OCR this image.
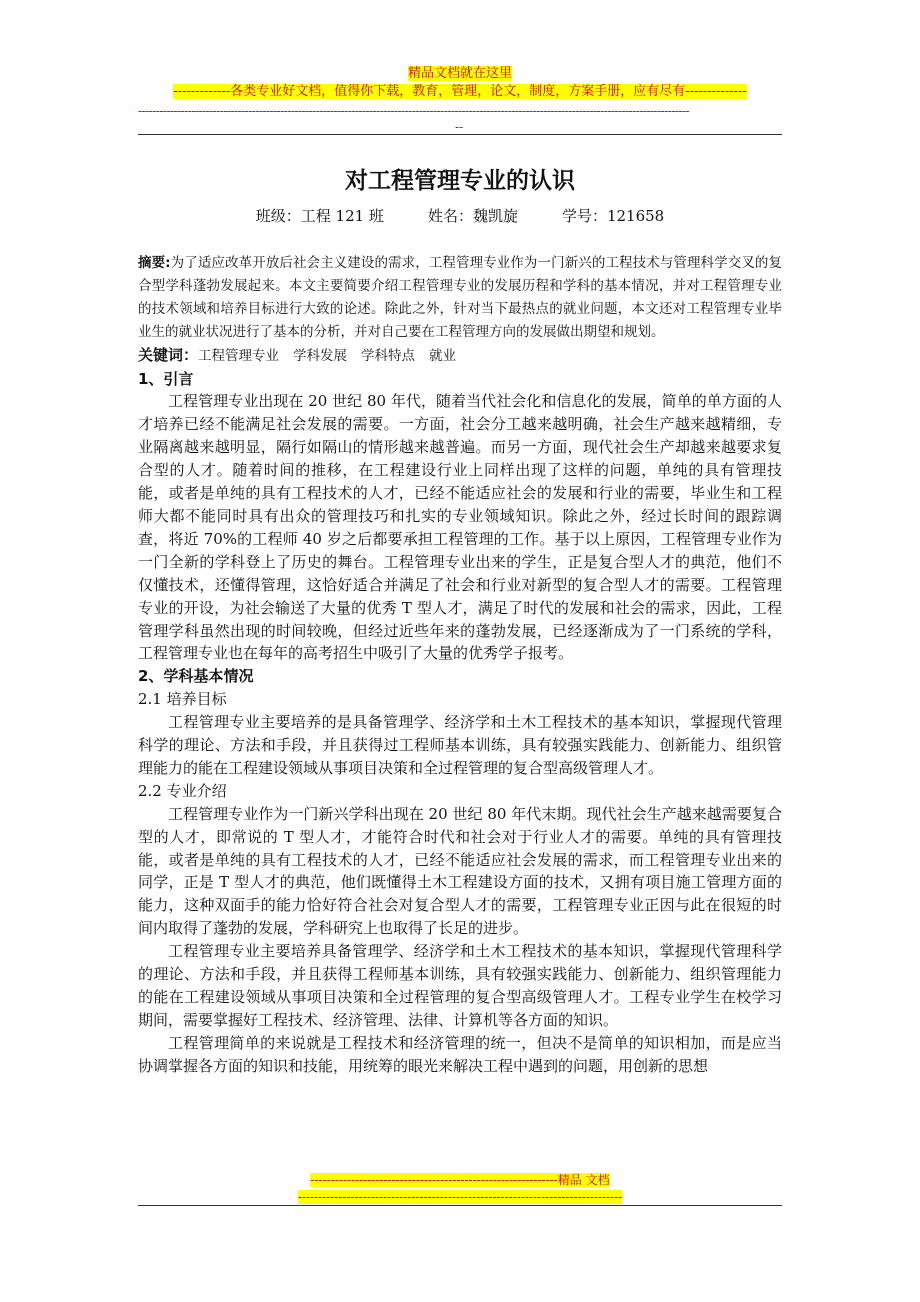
精品文档就在这里
-------------各类专业好文档，值得你下载，教育，管理，论文，制度，方案手册，应有尽有--------------
-----------------------------------------------------------------------------------------------------------------------------------------------------------
--
对工程管理专业的认识
班级：工程 121 班	姓名：魏凯旋	学号：121658

摘要:为了适应改革开放后社会主义建设的需求，工程管理专业作为一门新兴的工程技术与管理科学交叉的复合型学科蓬勃发展起来。本文主要简要介绍工程管理专业的发展历程和学科的基本情况，并对工程管理专业的技术领域和培养目标进行大致的论述。除此之外，针对当下最热点的就业问题，本文还对工程管理专业毕业生的就业状况进行了基本的分析，并对自己要在工程管理方向的发展做出期望和规划。

关键词：工程管理专业 学科发展 学科特点 就业

1、引言

工程管理专业出现在 20 世纪 80 年代，随着当代社会化和信息化的发展，简单的单方面的人才培养已经不能满足社会发展的需要。一方面，社会分工越来越明确，社会生产越来越精细，专业隔离越来越明显，隔行如隔山的情形越来越普遍。而另一方面，现代社会生产却越来越要求复合型的人才。随着时间的推移，在工程建设行业上同样出现了这样的问题，单纯的具有管理技能，或者是单纯的具有工程技术的人才，已经不能适应社会的发展和行业的需要，毕业生和工程师大都不能同时具有出众的管理技巧和扎实的专业领域知识。除此之外，经过长时间的跟踪调查，将近 70%的工程师 40 岁之后都要承担工程管理的工作。基于以上原因，工程管理专业作为一门全新的学科登上了历史的舞台。工程管理专业出来的学生，正是复合型人才的典范，他们不仅懂技术，还懂得管理，这恰好适合并满足了社会和行业对新型的复合型人才的需要。工程管理专业的开设，为社会输送了大量的优秀 T 型人才，满足了时代的发展和社会的需求，因此，工程管理学科虽然出现的时间较晚，但经过近些年来的蓬勃发展，已经逐渐成为了一门系统的学科，工程管理专业也在每年的高考招生中吸引了大量的优秀学子报考。

2、学科基本情况

2.1 培养目标

工程管理专业主要培养的是具备管理学、经济学和土木工程技术的基本知识，掌握现代管理科学的理论、方法和手段，并且获得过工程师基本训练，具有较强实践能力、创新能力、组织管理能力的能在工程建设领域从事项目决策和全过程管理的复合型高级管理人才。

2.2 专业介绍

工程管理专业作为一门新兴学科出现在 20 世纪 80 年代末期。现代社会生产越来越需要复合型的人才，即常说的 T 型人才，才能符合时代和社会对于行业人才的需要。单纯的具有管理技能，或者是单纯的具有工程技术的人才，已经不能适应社会发展的需求，而工程管理专业出来的同学，正是 T 型人才的典范，他们既懂得土木工程建设方面的技术，又拥有项目施工管理方面的能力，这种双面手的能力恰好符合社会对复合型人才的需要，工程管理专业正因与此在很短的时间内取得了蓬勃的发展，学科研究上也取得了长足的进步。

工程管理专业主要培养具备管理学、经济学和土木工程技术的基本知识，掌握现代管理科学的理论、方法和手段，并且获得工程师基本训练，具有较强实践能力、创新能力、组织管理能力的能在工程建设领域从事项目决策和全过程管理的复合型高级管理人才。工程专业学生在校学习期间，需要掌握好工程技术、经济管理、法律、计算机等各方面的知识。

工程管理简单的来说就是工程技术和经济管理的统一，但决不是简单的知识相加，而是应当协调掌握各方面的知识和技能，用统筹的眼光来解决工程中遇到的问题，用创新的思想

-------------------------------------------------------------精品 文档
--------------------------------------------------------------------------------
